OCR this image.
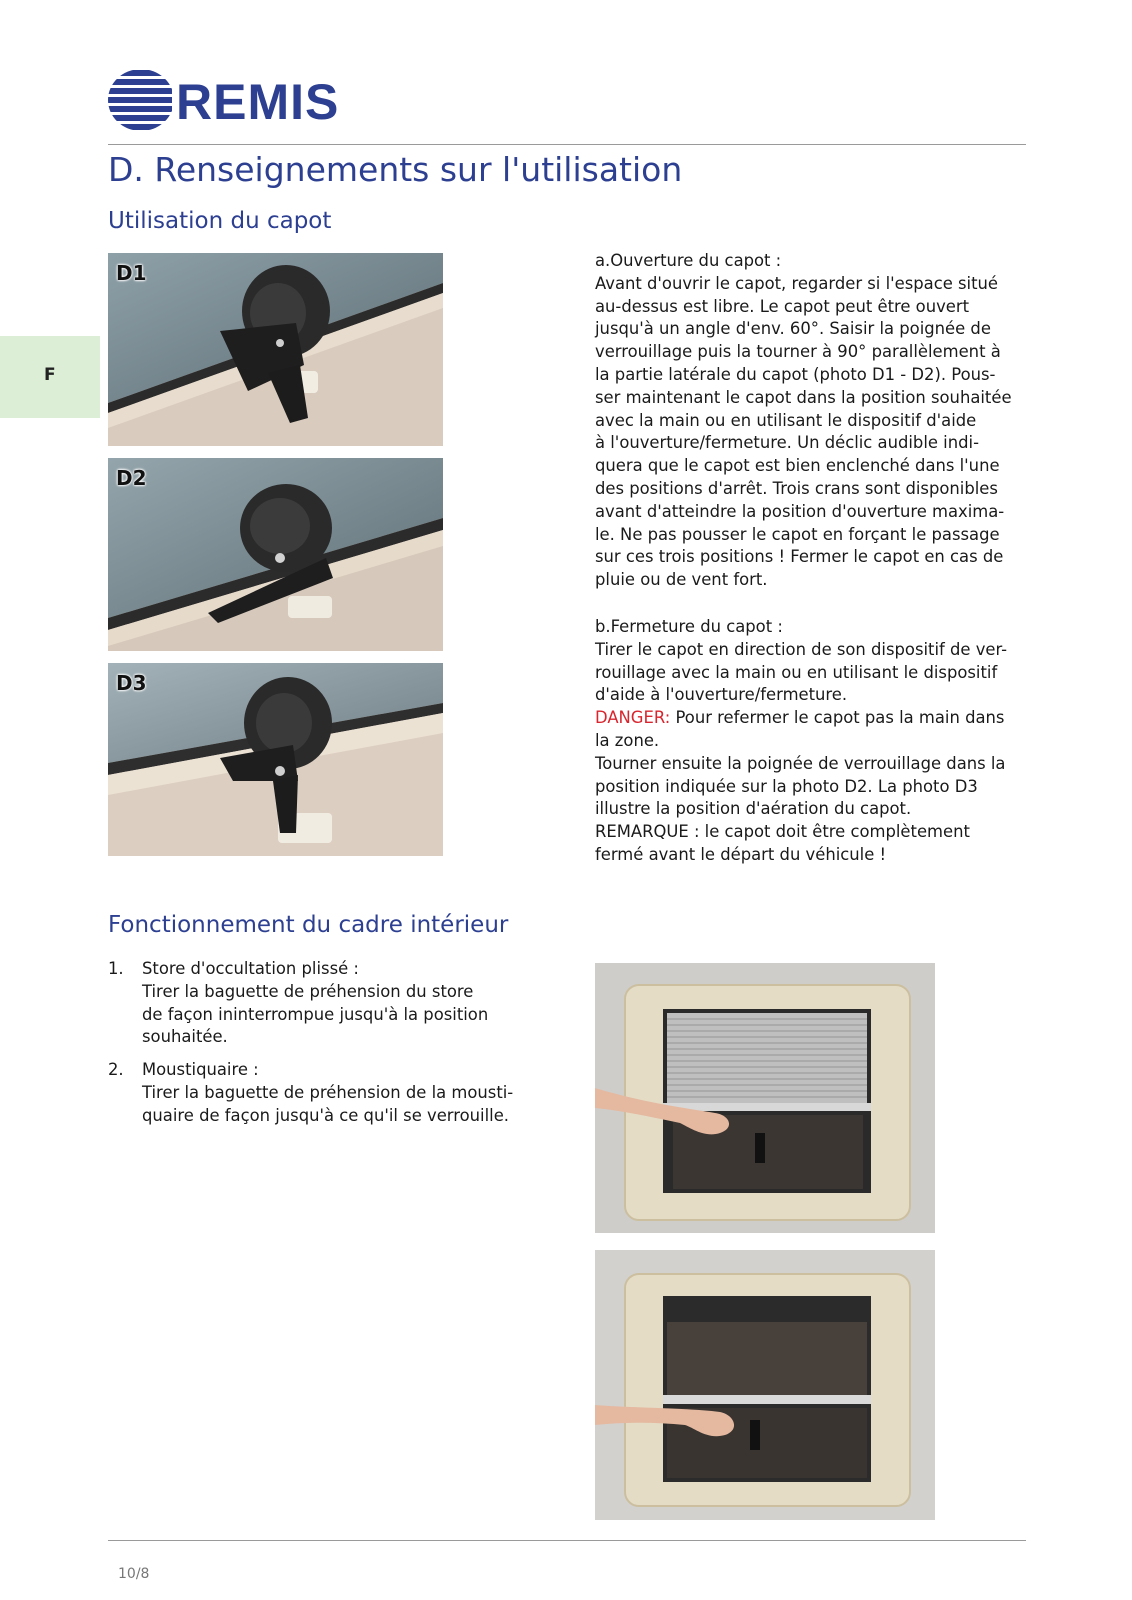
REMIS
D. Renseignements sur l'utilisation
Utilisation du capot
F
D1
D2
D3

a.Ouverture du capot :

Avant d'ouvrir le capot, regarder si l'espace situé

au-dessus est libre. Le capot peut être ouvert

jusqu'à un angle d'env. 60°. Saisir la poignée de

verrouillage puis la tourner à 90° parallèlement à

la partie latérale du capot (photo D1 - D2). Pous-

ser maintenant le capot dans la position souhaitée

avec la main ou en utilisant le dispositif d'aide

à l'ouverture/fermeture. Un déclic audible indi-

quera que le capot est bien enclenché dans l'une

des positions d'arrêt. Trois crans sont disponibles

avant d'atteindre la position d'ouverture maxima-

le. Ne pas pousser le capot en forçant le passage

sur ces trois positions ! Fermer le capot en cas de

pluie ou de vent fort.

b.Fermeture du capot :

Tirer le capot en direction de son dispositif de ver-

rouillage avec la main ou en utilisant le dispositif

d'aide à l'ouverture/fermeture.

DANGER: Pour refermer le capot pas la main dans

la zone.

Tourner ensuite la poignée de verrouillage dans la

position indiquée sur la photo D2. La photo D3

illustre la position d'aération du capot.

REMARQUE : le capot doit être complètement

fermé avant le départ du véhicule !

Fonctionnement du cadre intérieur
1. Store d'occultation plissé :
Tirer la baguette de préhension du store
de façon ininterrompue jusqu'à la position
souhaitée.
2. Moustiquaire :
Tirer la baguette de préhension de la mousti-
quaire de façon jusqu'à ce qu'il se verrouille.
10/8
